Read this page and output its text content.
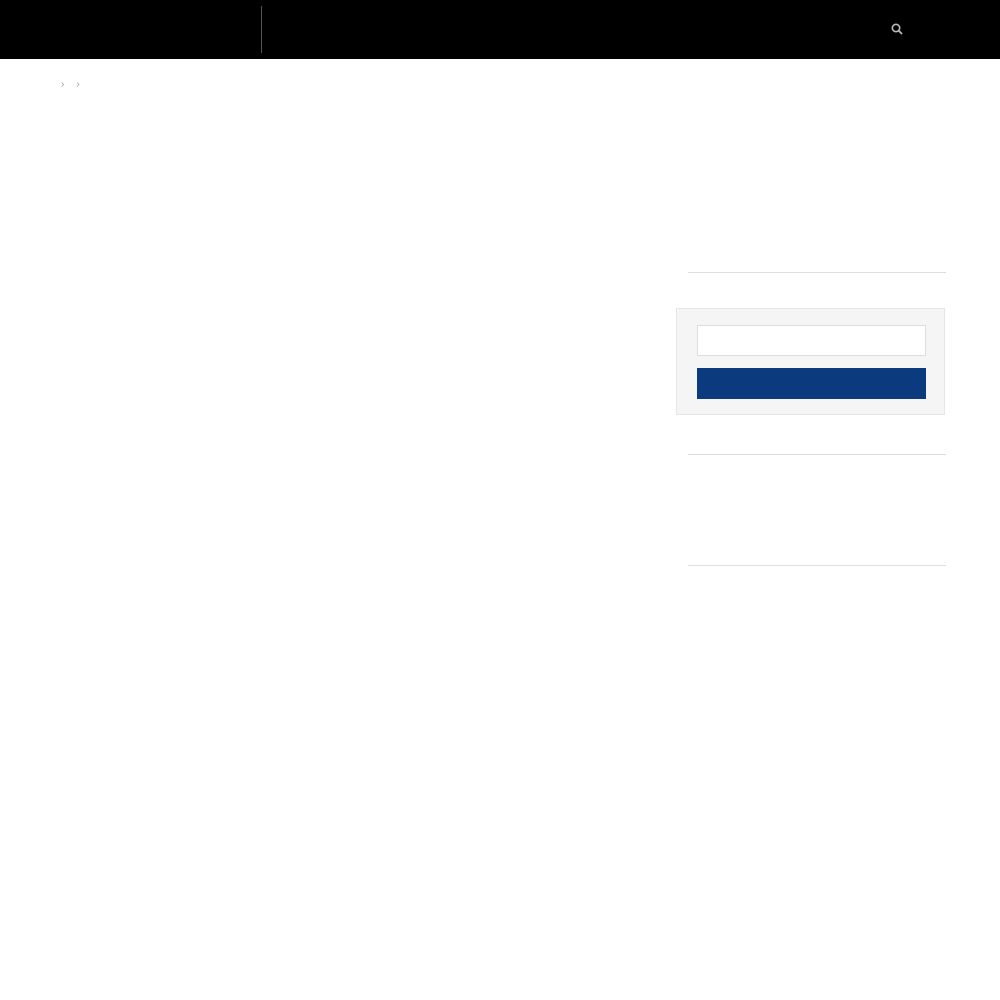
› ›
